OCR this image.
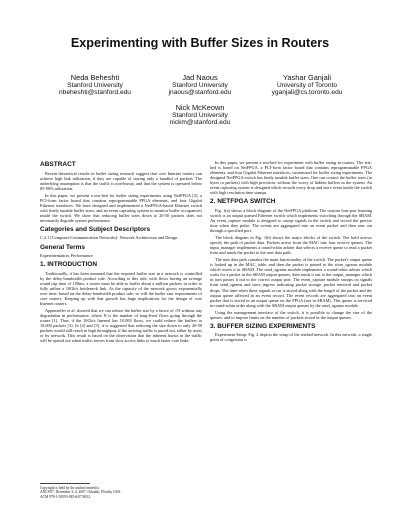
Experimenting with Buffer Sizes in Routers
Neda Beheshti
Stanford University
nbeheshti@stanford.edu
Jad Naous
Stanford University
jnaous@stanford.edu
Yashar Ganjali
University of Toronto
yganjali@cs.toronto.edu
Nick McKeown
Stanford University
nickm@stanford.edu
ABSTRACT

Recent theoretical results in buffer sizing research suggest that core Internet routers can achieve high link utilization, if they are capable of storing only a handful of packets. The underlying assumption is that the traffic is non-bursty, and that the system is operated below 85-90% utilization.

In this paper, we present a test-bed for buffer sizing experiments using NetFPGA [2], a PCI-form factor board that contains reprogrammable FPGA elements, and four Gigabit Ethernet interfaces. We have designed and implemented a NetFPGA-based Ethernet switch with finely tunable buffer sizes, and an event capturing system to monitor buffer occupancies inside the switch. We show that reducing buffer sizes down to 20-50 packets does not necessarily degrade system performance.

Categories and Subject Descriptors

C.2.1 [Computer-Communication Networks]: Network Architecture and Design

General Terms

Experimentation, Performance

1. INTRODUCTION

Traditionally, it has been assumed that the required buffer size in a network is controlled by the delay-bandwidth product rule. According to this rule, with flows having an average round trip time of 100ms, a router must be able to buffer about a million packets in order to fully utilize a 10Gb/s bottleneck link. As the capacity of the network grows exponentially over time, based on the delay-bandwidth product rule, so will the buffer size requirements of core routers. Keeping up with that growth has huge implications for the design of core Internet routers.

Appenzeller et al. showed that we can reduce the buffer size by a factor of √N without any degradation in performance, where N is the number of long-lived flows going through the router [1]. Thus, if the 10Gb/s linereal has 10,000 flows, we could reduce the buffers to 10,000 packets [3]. In [4] and [5], it is suggested that reducing the size down to only 20-50 packets would still result in high throughput, if the arriving traffic is paced out, either by users or by network. This result is based on the observation that the inherent bursts in the traffic will be spread out when traffic moves from slow access links to much faster core links.

Copyright is held by the author/owner(s).
ANCS'07, December 3–4, 2007, Orlando, Florida, USA.
ACM 978-1-59593-945-6/07/0012.

In this paper, we present a test-bed for experiment with buffer sizing in routers. The test-bed is based on NetFPGA, a PCI-form factor board that contains reprogrammable FPGA elements, and four Gigabit Ethernet interfaces, customized for buffer sizing experiments. The designed NetFPGA switch has finely tunable buffer sizes. One can control the buffer sizes (in bytes or packets) with high precision, without the worry of hidden buffers in the system. An event capturing system is designed which records every drop and store event inside the switch with high resolution time stamps.

2. NETFPGA SWITCH

Fig. 1(a) shows a block diagram of the NetFPGA platform. The custom four-port learning switch is an output queued Ethernet switch which implements switching through the SRAM. An event_capture module is designed to snoop signals in the switch and record the precise time when they pulse. The events are aggregated into an event packet and then sent out through a specified port.

The block diagram in Fig. 1(b) shows the major blocks of the switch. The bold arrows specify the path of packet data. Packets arrive from the MAC into four receive queues. The input_manager implements a round-robin arbiter that selects a receive queue to read a packet from and sends the packet to the user data path.

The user data path contains the main functionality of the switch. The packet's output queue is looked up in the MAC_table, and then the packet is passed to the store_sgrams module which stores it in SRAM. The send_sgrams module implements a round-robin arbiter which waits for a packet in the SRAM output queues, then sends it out to the output_manager which in turn passes it out to the correct output port. The event_capture module snoops on signals from send_sgrams and store_ingress indicating packet storage, packet removal and packet drops. The time when these signals occur is stored along with the length of the packet and the output queue affected in an event record. The event records are aggregated into an event packet that is stored in an output queue on the FPGA (not in SRAM). This queue is serviced in round-robin order along with the SRAM output queues by the send_sgrams module.

Using the management interface of the switch, it is possible to change the size of the queues, and to impose limits on the number of packets stored in the output queues.

3. BUFFER SIZING EXPERIMENTS

Experiment Setup: Fig. 2 depicts the setup of the testbed network. In this network, a single point of congestion is
